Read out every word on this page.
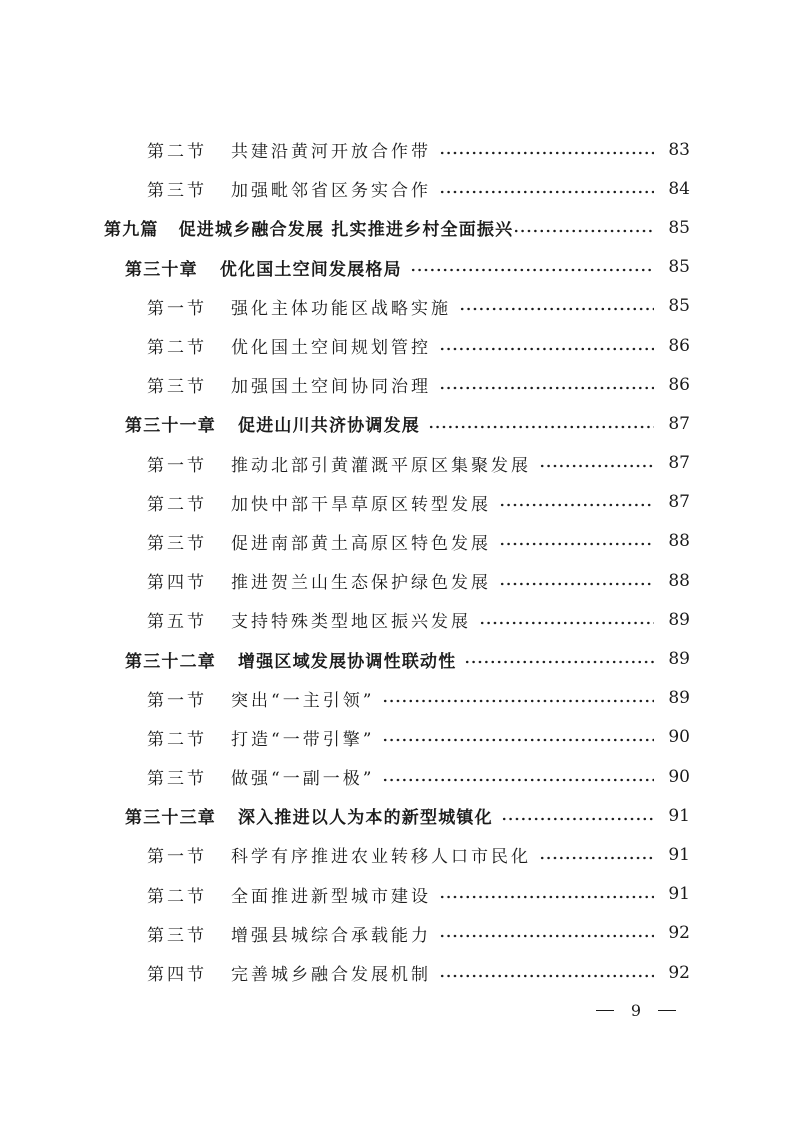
第二节 共建沿黄河开放合作带	83
第三节 加强毗邻省区务实合作	84
第九篇 促进城乡融合发展 扎实推进乡村全面振兴	85
第三十章 优化国土空间发展格局	85
第一节 强化主体功能区战略实施	85
第二节 优化国土空间规划管控	86
第三节 加强国土空间协同治理	86
第三十一章 促进山川共济协调发展	87
第一节 推动北部引黄灌溉平原区集聚发展	87
第二节 加快中部干旱草原区转型发展	87
第三节 促进南部黄土高原区特色发展	88
第四节 推进贺兰山生态保护绿色发展	88
第五节 支持特殊类型地区振兴发展	89
第三十二章 增强区域发展协调性联动性	89
第一节 突出“一主引领”	89
第二节 打造“一带引擎”	90
第三节 做强“一副一极”	90
第三十三章 深入推进以人为本的新型城镇化	91
第一节 科学有序推进农业转移人口市民化	91
第二节 全面推进新型城市建设	91
第三节 增强县城综合承载能力	92
第四节 完善城乡融合发展机制	92
9
